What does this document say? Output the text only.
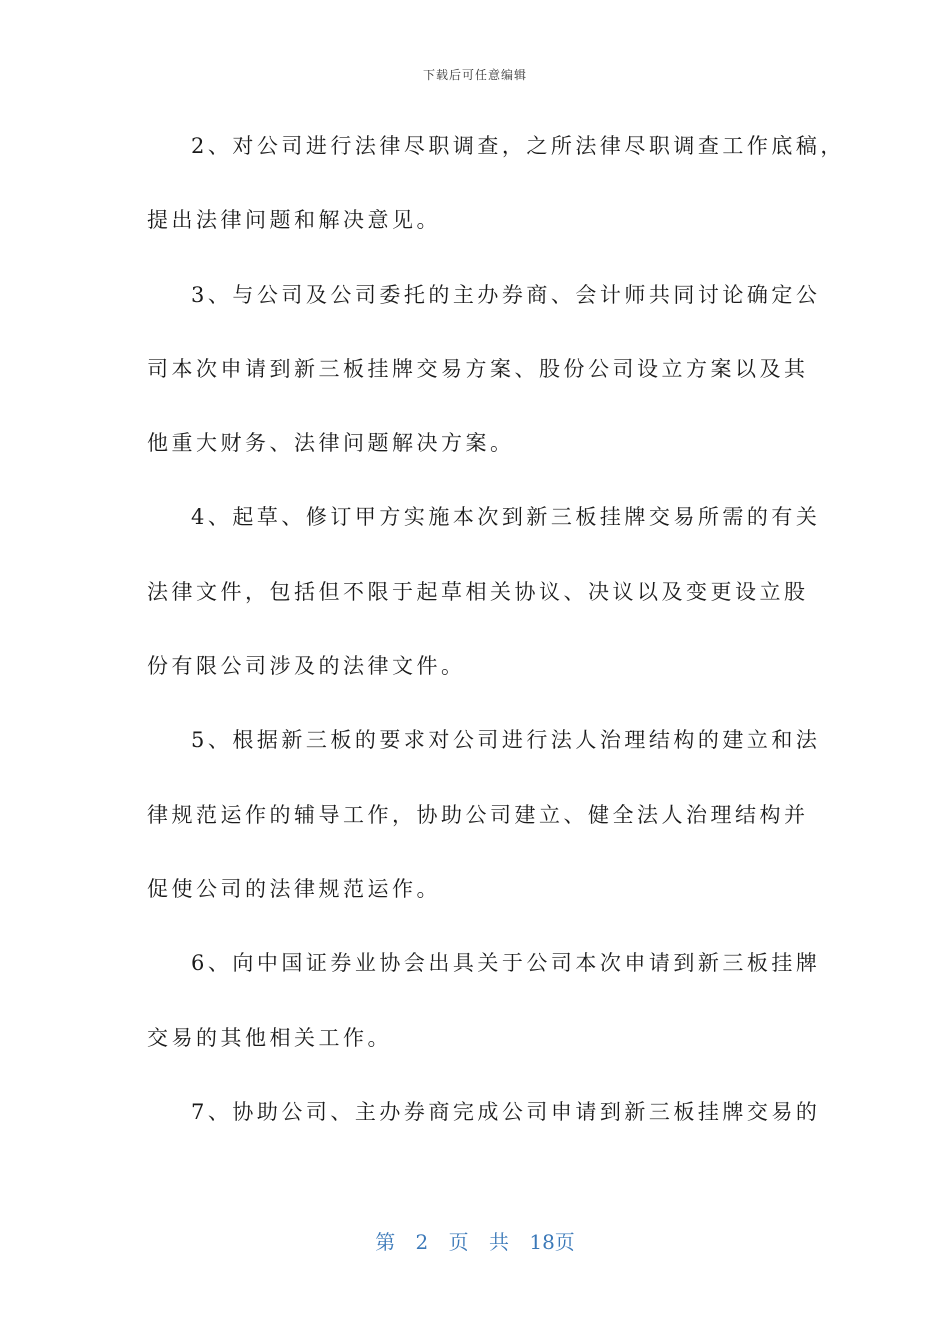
下载后可任意编辑
2、对公司进行法律尽职调查，之所法律尽职调查工作底稿，
提出法律问题和解决意见。
3、与公司及公司委托的主办券商、会计师共同讨论确定公
司本次申请到新三板挂牌交易方案、股份公司设立方案以及其
他重大财务、法律问题解决方案。
4、起草、修订甲方实施本次到新三板挂牌交易所需的有关
法律文件，包括但不限于起草相关协议、决议以及变更设立股
份有限公司涉及的法律文件。
5、根据新三板的要求对公司进行法人治理结构的建立和法
律规范运作的辅导工作，协助公司建立、健全法人治理结构并
促使公司的法律规范运作。
6、向中国证券业协会出具关于公司本次申请到新三板挂牌
交易的其他相关工作。
7、协助公司、主办券商完成公司申请到新三板挂牌交易的
第 2 页 共 18页
